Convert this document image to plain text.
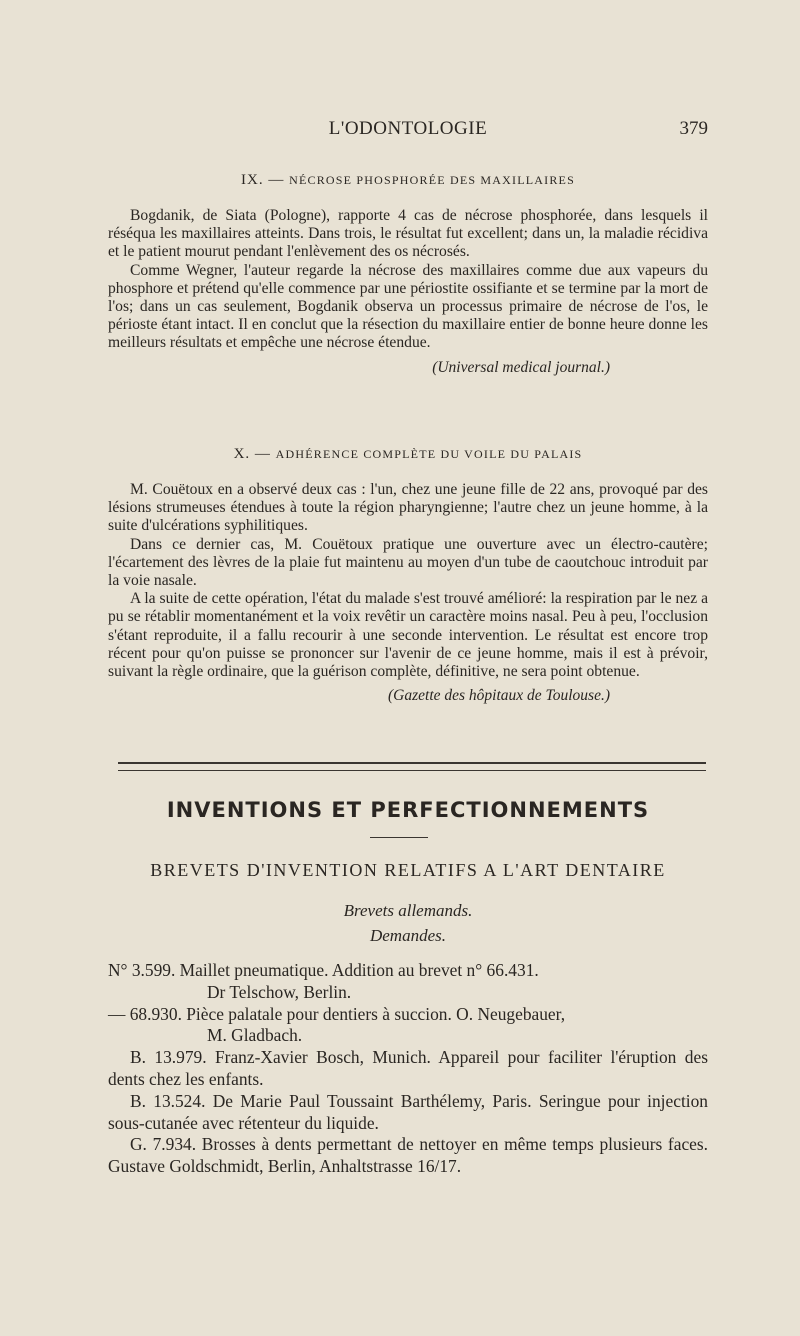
L'ODONTOLOGIE	379
IX. — NÉCROSE PHOSPHORÉE DES MAXILLAIRES

Bogdanik, de Siata (Pologne), rapporte 4 cas de nécrose phosphorée, dans lesquels il réséqua les maxillaires atteints. Dans trois, le résultat fut excellent; dans un, la maladie récidiva et le patient mourut pendant l'enlèvement des os nécrosés.

Comme Wegner, l'auteur regarde la nécrose des maxillaires comme due aux vapeurs du phosphore et prétend qu'elle commence par une périostite ossifiante et se termine par la mort de l'os; dans un cas seulement, Bogdanik observa un processus primaire de nécrose de l'os, le périoste étant intact. Il en conclut que la résection du maxillaire entier de bonne heure donne les meilleurs résultats et empêche une nécrose étendue.

(Universal medical journal.)
X. — ADHÉRENCE COMPLÈTE DU VOILE DU PALAIS

M. Couëtoux en a observé deux cas : l'un, chez une jeune fille de 22 ans, provoqué par des lésions strumeuses étendues à toute la région pharyngienne; l'autre chez un jeune homme, à la suite d'ulcérations syphilitiques.

Dans ce dernier cas, M. Couëtoux pratique une ouverture avec un électro-cautère; l'écartement des lèvres de la plaie fut maintenu au moyen d'un tube de caoutchouc introduit par la voie nasale.

A la suite de cette opération, l'état du malade s'est trouvé amélioré: la respiration par le nez a pu se rétablir momentanément et la voix revêtir un caractère moins nasal. Peu à peu, l'occlusion s'étant reproduite, il a fallu recourir à une seconde intervention. Le résultat est encore trop récent pour qu'on puisse se prononcer sur l'avenir de ce jeune homme, mais il est à prévoir, suivant la règle ordinaire, que la guérison complète, définitive, ne sera point obtenue.

(Gazette des hôpitaux de Toulouse.)
INVENTIONS ET PERFECTIONNEMENTS
BREVETS D'INVENTION RELATIFS A L'ART DENTAIRE
Brevets allemands.
Demandes.

N° 3.599. Maillet pneumatique. Addition au brevet n° 66.431.
Dr Telschow, Berlin.

— 68.930. Pièce palatale pour dentiers à succion. O. Neugebauer,
M. Gladbach.

B. 13.979. Franz-Xavier Bosch, Munich. Appareil pour faciliter l'éruption des dents chez les enfants.

B. 13.524. De Marie Paul Toussaint Barthélemy, Paris. Seringue pour injection sous-cutanée avec rétenteur du liquide.

G. 7.934. Brosses à dents permettant de nettoyer en même temps plusieurs faces. Gustave Goldschmidt, Berlin, Anhaltstrasse 16/17.
